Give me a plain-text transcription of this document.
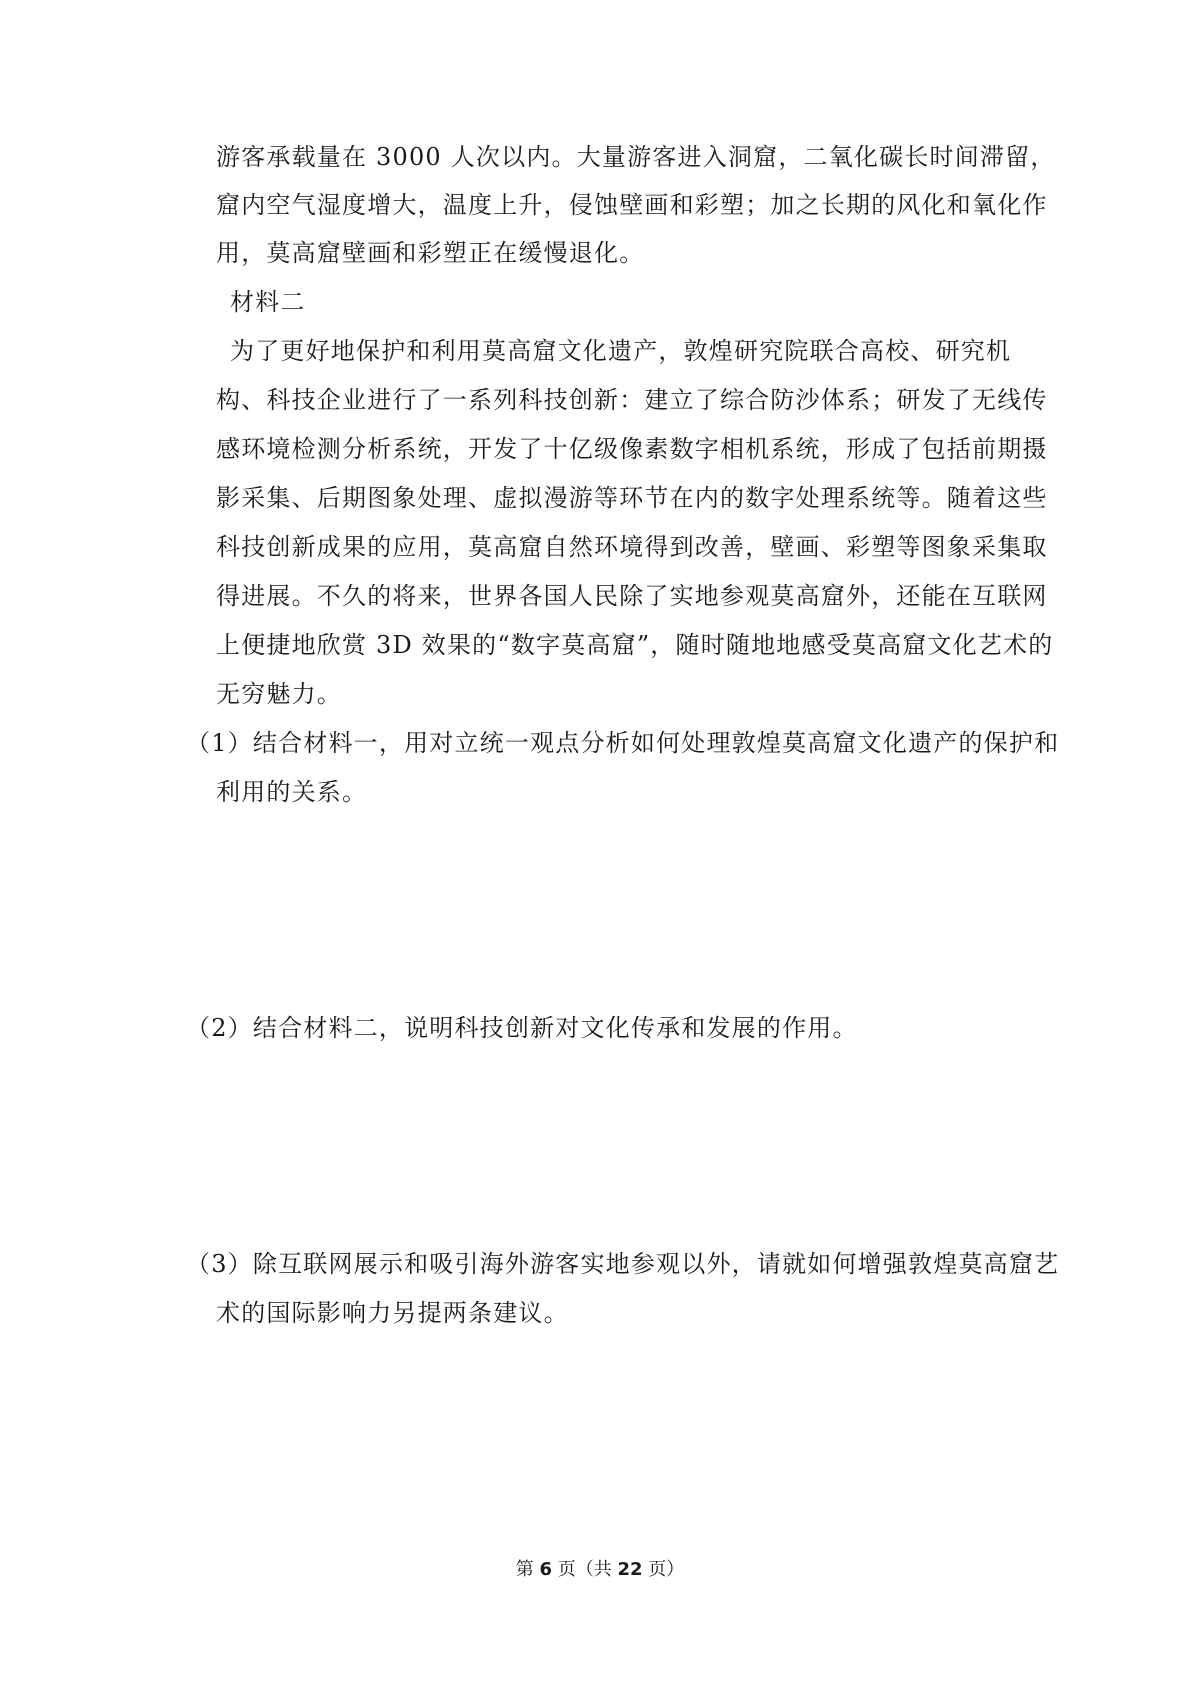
游客承载量在 3000 人次以内。大量游客进入洞窟，二氧化碳长时间滞留，
窟内空气湿度增大，温度上升，侵蚀壁画和彩塑；加之长期的风化和氧化作
用，莫高窟壁画和彩塑正在缓慢退化。
材料二
为了更好地保护和利用莫高窟文化遗产，敦煌研究院联合高校、研究机
构、科技企业进行了一系列科技创新：建立了综合防沙体系；研发了无线传
感环境检测分析系统，开发了十亿级像素数字相机系统，形成了包括前期摄
影采集、后期图象处理、虚拟漫游等环节在内的数字处理系统等。随着这些
科技创新成果的应用，莫高窟自然环境得到改善，壁画、彩塑等图象采集取
得进展。不久的将来，世界各国人民除了实地参观莫高窟外，还能在互联网
上便捷地欣赏 3D 效果的“数字莫高窟”，随时随地地感受莫高窟文化艺术的
无穷魅力。
（1）结合材料一，用对立统一观点分析如何处理敦煌莫高窟文化遗产的保护和
利用的关系。
（2）结合材料二，说明科技创新对文化传承和发展的作用。
（3）除互联网展示和吸引海外游客实地参观以外，请就如何增强敦煌莫高窟艺
术的国际影响力另提两条建议。
第 6 页（共 22 页）
